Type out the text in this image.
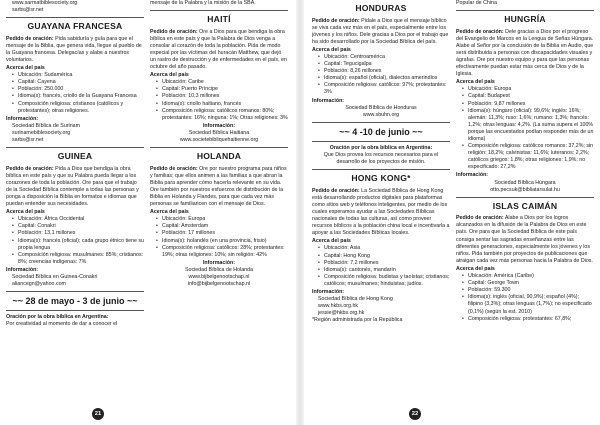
www.sarmatbiblesociety.org
sarbs@sr.net
GUAYANA FRANCESA

Pedido de oración: Pida sabiduría y guía para que el mensaje de la Biblia, que genera vida, llegue al pueblo de la Guayana francesa. Delegacías y alabe a nuestros voluntarios.

Acerca del país
• Ubicación: Sudamérica
• Capital: Cayena
• Población: 250.000
• Idioma(s): francés, criollo de la Guayana Francesa
• Composición religiosa: cristianos (católicos y protestantes); otras religiones.
Información:
Sociedad Bíblica de Surinam
surinamebiblesociety.org
sarbs@sr.net
GUINEA

Pedido de oración: Pida a Dios que bendiga la obra bíblica en este país y que su Palabra pueda llegar a los corazones de toda la población. Ore para que el trabajo de la Sociedad Bíblica contemple a todas las personas y ponga a disposición la Biblia en formatos e idiomas que puedan entender sus necesidades.

Acerca del país
• Ubicación: África Occidental
• Capital: Conakri
• Población: 13,1 millones
• Idioma(s): francés (oficial); cada grupo étnico tiene su propia lengua
• Composición religiosa: musulmanes: 85%; cristianos: 8%; creencias indígenas: 7%
Información:
Sociedad Bíblica en Guinea-Conakri
aliancegn@yahoo.com
~~ 28 de mayo - 3 de junio ~~
Oración por la obra bíblica en Argentina:
Por creatividad al momento de dar a conocer el
mensaje de la Palabra y la misión de la SBA.
HAITÍ

Pedido de oración: Ore a Dios para que bendiga la obra bíblica en este país y que la Palabra de Dios venga a consolar al corazón de toda la población. Pida de modo especial por las víctimas del huracán Matthew, que dejó un rastro de destrucción y de enfermedades en el país, en octubre del año pasado.

Acerca del país
• Ubicación: Caribe
• Capital: Puerto Príncipe
• Población: 10,3 millones
• Idioma(s): criollo haitiano, francés
• Composición religiosa: católicos romanos: 80%; protestantes: 16%; ninguna: 1%; Otras religiones: 3%
Información:
Sociedad Bíblica Haitiana
www.societebibliquehaitienne.org
HOLANDA

Pedido de oración: Ore por nuestro programa para niños y familias; que ellos animen a las familias a que abran la Biblia para aprender cómo hacerla relevante en su vida. Ore también por nuestros esfuerzos de distribución de la Biblia en Holanda y Flandes, para que cada vez más personas se familiaricen con el mensaje de Dios.

Acerca del país
• Ubicación: Europa
• Capital: Amsterdam
• Población: 17 millones
• Idioma(s): holandés (en una provincia, frisio)
• Composición religiosa: católicos: 28%; protestantes: 19%; otras religiones: 10%; sin religión: 42%
Información:
Sociedad Bíblica de Holanda
www.bijbelgenootschap.nl
info@bijbelgenootschap.nl
21
HONDURAS

Pedido de oración: Pidale a Dios que el mensaje bíblico se viva cada vez más en el país, especialmente entre los jóvenes y los niños. Dele gracias a Dios por el trabajo que ha sido desarrollado por la Sociedad Bíblica del país.

Acerca del país
• Ubicación: Centroamérica
• Capital: Tegucigalpa
• Población: 8,26 millones
• Idioma(s): español (oficial), dialectos amerindios
• Composición religiosa: católicos: 97%; protestantes: 3%
Información:
Sociedad Bíblica de Honduras
www.sbuhn.org
~~ 4 -10 de junio ~~
Oración por la obra bíblica en Argentina:
Que Dios provea los recursos necesarios para el desarrollo de los proyectos de misión.
HONG KONG*

Pedido de oración: La Sociedad Bíblica de Hong Kong está desarrollando productos digitales para plataformas como sitios web y teléfonos inteligentes, por medio de los cuales esperamos ayudar a las Sociedades Bíblicas nacionales de todas las culturas, así como proveer recursos bíblicos a la población china local e incentivarla a apoyar a las Sociedades Bíblicas locales.

Acerca del país
• Ubicación: Asia
• Capital: Hong Kong
• Población: 7,2 millones
• Idioma(s): cantonés, mandarín
• Composición religiosa: budistas y taoístas; cristianos; católicos; musulmanes; hinduistas; judíos.
Información:
Sociedad Bíblica de Hong Kong
www.hkbs.org.hk
jessie@hkbs.org.hk
*Región administrada por la República
Popular de China
HUNGRÍA

Pedido de oración: Dele gracias a Dios por el progreso del Evangelio de Marcos en la Lengua de Señas Húngara. Alabe al Señor por la conclusión de la Biblia en Audio, que será distribuida a personas con discapacidades visuales y ágrafas. Ore por nuestro equipo y para que las personas efectivamente puedan estar más cerca de Dios y de la Iglesia.

Acerca del país
• Ubicación: Europa
• Capital: Budapest
• Población: 9,87 millones
• Idioma(s): húngaro (oficial): 99,6%; inglés: 16%; alemán: 11,3%; ruso: 1,6%; rumano: 1,3%; francés: 1,2%; otras lenguas: 4,2%. (La suma supera el 100% porque las encuestados podían responder más de un idioma)
• Composición religiosa: católicos romanos: 37,2%; sin religión: 18,2%; calvinistas: 11,6%; luteranos: 2,2%; católicos griegos: 1,8%; otras religiones: 1,9%; no especificado: 27,2%
Información:
Sociedad Bíblica Húngara
otto.pecsuk@bibliatarsulat.hu
ISLAS CAIMÁN

Pedido de oración: Alabe a Dios por los logros alcanzados en la difusión de la Palabra de Dios en este país. Ore para que la Sociedad Bíblica de este país consiga sentar las sagradas enseñanzas entre las diferentes generaciones, especialmente los jóvenes y los niños. Pida también por proyectos de publicaciones que atraigan cada vez más personas hacia la Palabra de Dios.

Acerca del país
• Ubicación: América (Caribe)
• Capital: George Town
• Población: 59.300
• Idioma(s): inglés (oficial, 90,9%); español (4%); filipino (3,3%); otras lenguas (1,7%); no especificado (0,1%) (según la est. 2010)
• Composición religiosa: protestantes: 67,8%;
22
